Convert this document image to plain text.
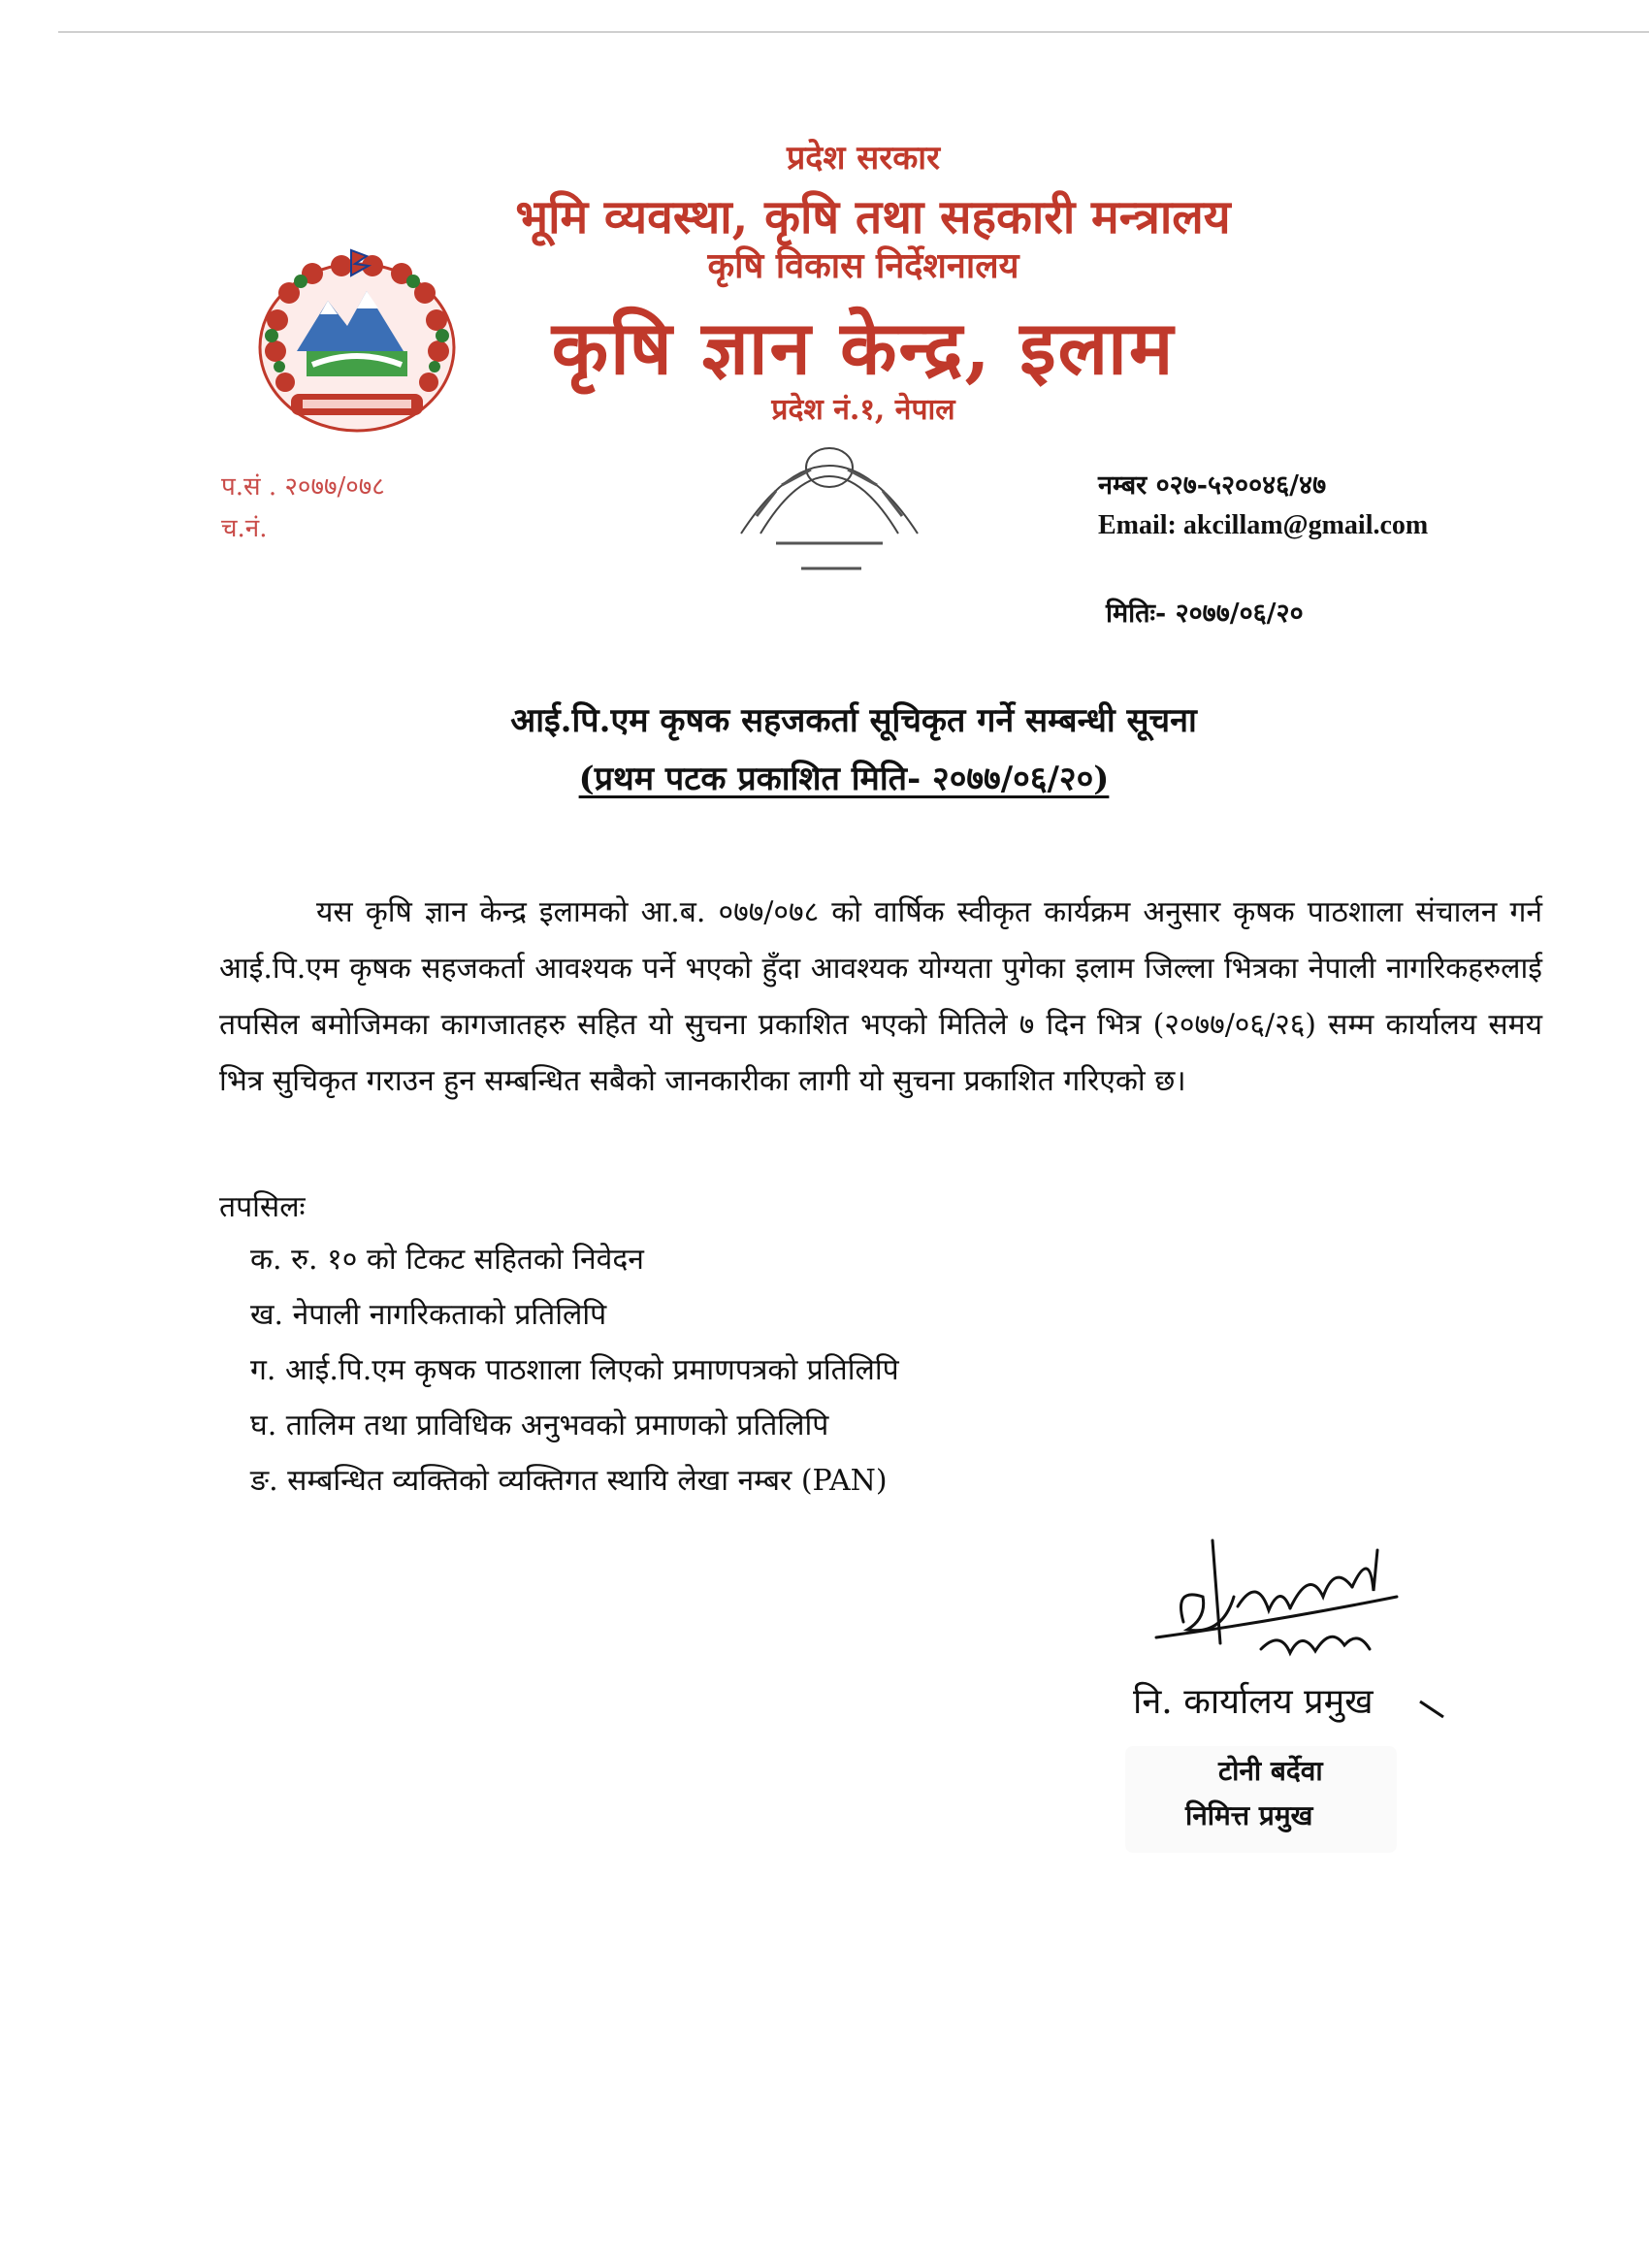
प्रदेश सरकार
भूमि व्यवस्था, कृषि तथा सहकारी मन्त्रालय
कृषि विकास निर्देशनालय
कृषि ज्ञान केन्द्र, इलाम
प्रदेश नं.१, नेपाल
प.सं . २०७७/०७८
च.नं.
नम्बर ०२७-५२००४६/४७
Email: akcillam@gmail.com
मितिः- २०७७/०६/२०
आई.पि.एम कृषक सहजकर्ता सूचिकृत गर्ने सम्बन्धी सूचना
(प्रथम पटक प्रकाशित मिति- २०७७/०६/२०)
यस कृषि ज्ञान केन्द्र इलामको आ.ब. ०७७/०७८ को वार्षिक स्वीकृत कार्यक्रम अनुसार कृषक पाठशाला संचालन गर्न आई.पि.एम कृषक सहजकर्ता आवश्यक पर्ने भएको हुँदा आवश्यक योग्यता पुगेका इलाम जिल्ला भित्रका नेपाली नागरिकहरुलाई तपसिल बमोजिमका कागजातहरु सहित यो सुचना प्रकाशित भएको मितिले ७ दिन भित्र (२०७७/०६/२६) सम्म कार्यालय समय भित्र सुचिकृत गराउन हुन सम्बन्धित सबैको जानकारीका लागी यो सुचना प्रकाशित गरिएको छ।
तपसिलः
क. रु. १० को टिकट सहितको निवेदन
ख. नेपाली नागरिकताको प्रतिलिपि
ग. आई.पि.एम कृषक पाठशाला लिएको प्रमाणपत्रको प्रतिलिपि
घ. तालिम तथा प्राविधिक अनुभवको प्रमाणको प्रतिलिपि
ङ. सम्बन्धित व्यक्तिको व्यक्तिगत स्थायि लेखा नम्बर (PAN)
नि. कार्यालय प्रमुख
टोनी बर्देवा
निमित्त प्रमुख
